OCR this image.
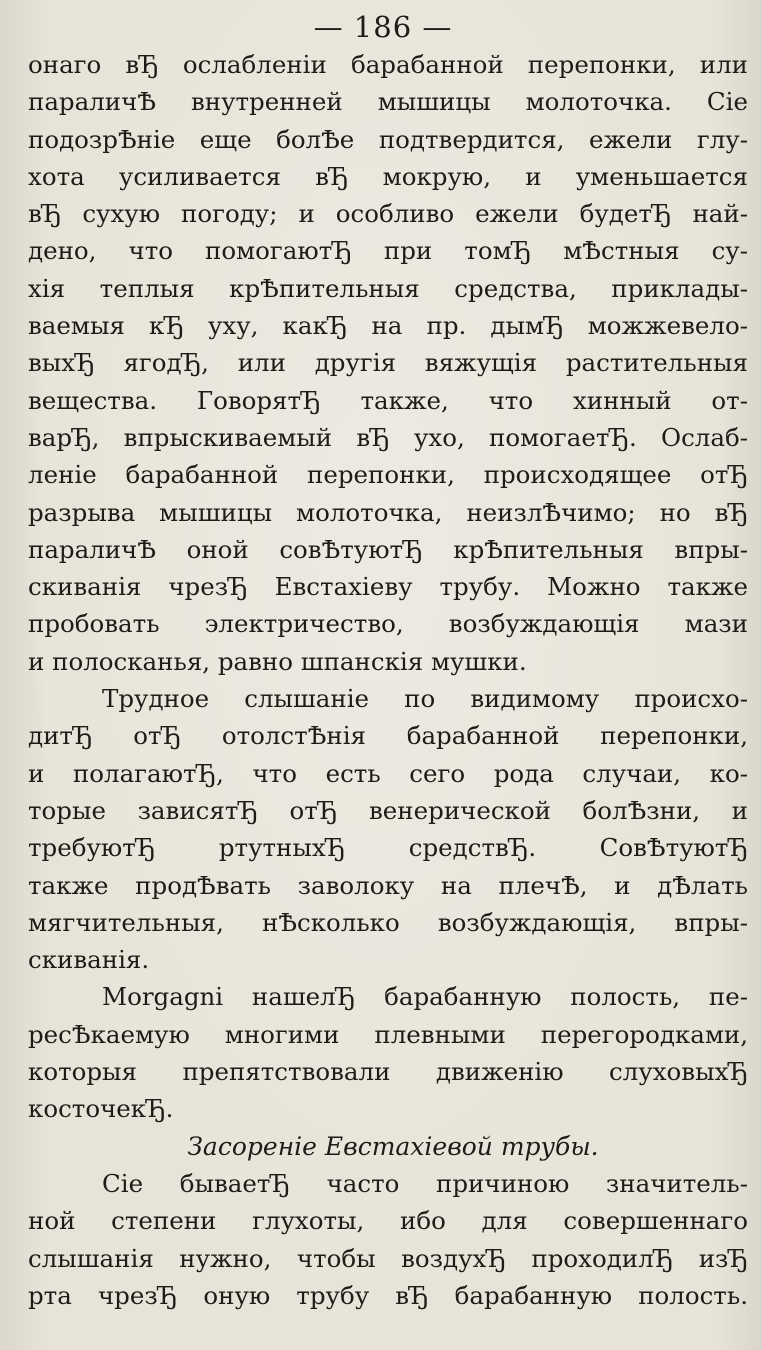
— 186 —
онаго вЂ ослабленiи барабанной перепонки, или
параличѢ внутренней мышицы молоточка. Сie
подозрѢнie еще болѢе подтвердится, ежели глу-
хота усиливается вЂ мокрую, и уменьшается
вЂ сухую погоду; и особливо ежели будетЂ най-
дено, что помогаютЂ при томЂ мѢстныя су-
хiя теплыя крѢпительныя средства, приклады-
ваемыя кЂ уху, какЂ на пр. дымЂ можжевело-
выхЂ ягодЂ, или другiя вяжущiя растительныя
вещества. ГоворятЂ также, что хинный от-
варЂ, впрыскиваемый вЂ ухо, помогаетЂ. Ослаб-
ленie барабанной перепонки, происходящее отЂ
разрыва мышицы молоточка, неизлѢчимо; но вЂ
параличѢ оной совѢтуютЂ крѢпительныя впры-
скиванiя чрезЂ Евстахiеву трубу. Можно также
пробовать электричество, возбуждающiя мази
и полосканья, равно шпанскiя мушки.
Трудное слышанie по видимому происхо-
дитЂ отЂ отолстѢнiя барабанной перепонки,
и полагаютЂ, что есть сего рода случаи, ко-
торые зависятЂ отЂ венерической болѢзни, и
требуютЂ ртутныхЂ средствЂ. СовѢтуютЂ
также продѢвать заволоку на плечѢ, и дѢлать
мягчительныя, нѢсколько возбуждающiя, впры-
скиванiя.
Morgagni нашелЂ барабанную полость, пе-
ресѢкаемую многими плевными перегородками,
которыя препятствовали движенiю слуховыхЂ
косточекЂ.
Засоренiе Евстахiевой трубы.
Сie бываетЂ часто причиною значитель-
ной степени глухоты, ибо для совершеннаго
слышанiя нужно, чтобы воздухЂ проходилЂ изЂ
рта чрезЂ оную трубу вЂ барабанную полость.
